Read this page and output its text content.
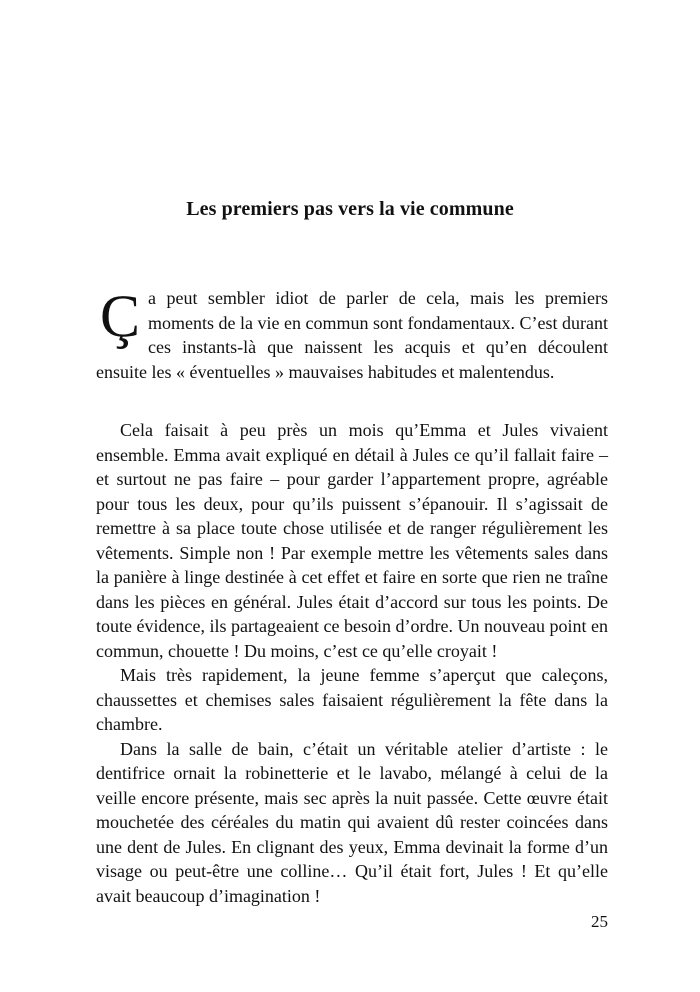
Les premiers pas vers la vie commune

Ça peut sembler idiot de parler de cela, mais les premiers moments de la vie en commun sont fondamentaux. C’est durant ces instants-là que naissent les acquis et qu’en découlent ensuite les « éventuelles » mauvaises habitudes et malentendus.

Cela faisait à peu près un mois qu’Emma et Jules vivaient ensemble. Emma avait expliqué en détail à Jules ce qu’il fallait faire – et surtout ne pas faire – pour garder l’appartement propre, agréable pour tous les deux, pour qu’ils puissent s’épanouir. Il s’agissait de remettre à sa place toute chose utilisée et de ranger régulièrement les vêtements. Simple non ! Par exemple mettre les vêtements sales dans la panière à linge destinée à cet effet et faire en sorte que rien ne traîne dans les pièces en général. Jules était d’accord sur tous les points. De toute évidence, ils partageaient ce besoin d’ordre. Un nouveau point en commun, chouette ! Du moins, c’est ce qu’elle croyait !

Mais très rapidement, la jeune femme s’aperçut que caleçons, chaussettes et chemises sales faisaient régulièrement la fête dans la chambre.

Dans la salle de bain, c’était un véritable atelier d’artiste : le dentifrice ornait la robinetterie et le lavabo, mélangé à celui de la veille encore présente, mais sec après la nuit passée. Cette œuvre était mouchetée des céréales du matin qui avaient dû rester coincées dans une dent de Jules. En clignant des yeux, Emma devinait la forme d’un visage ou peut-être une colline… Qu’il était fort, Jules ! Et qu’elle avait beaucoup d’imagination !

25
